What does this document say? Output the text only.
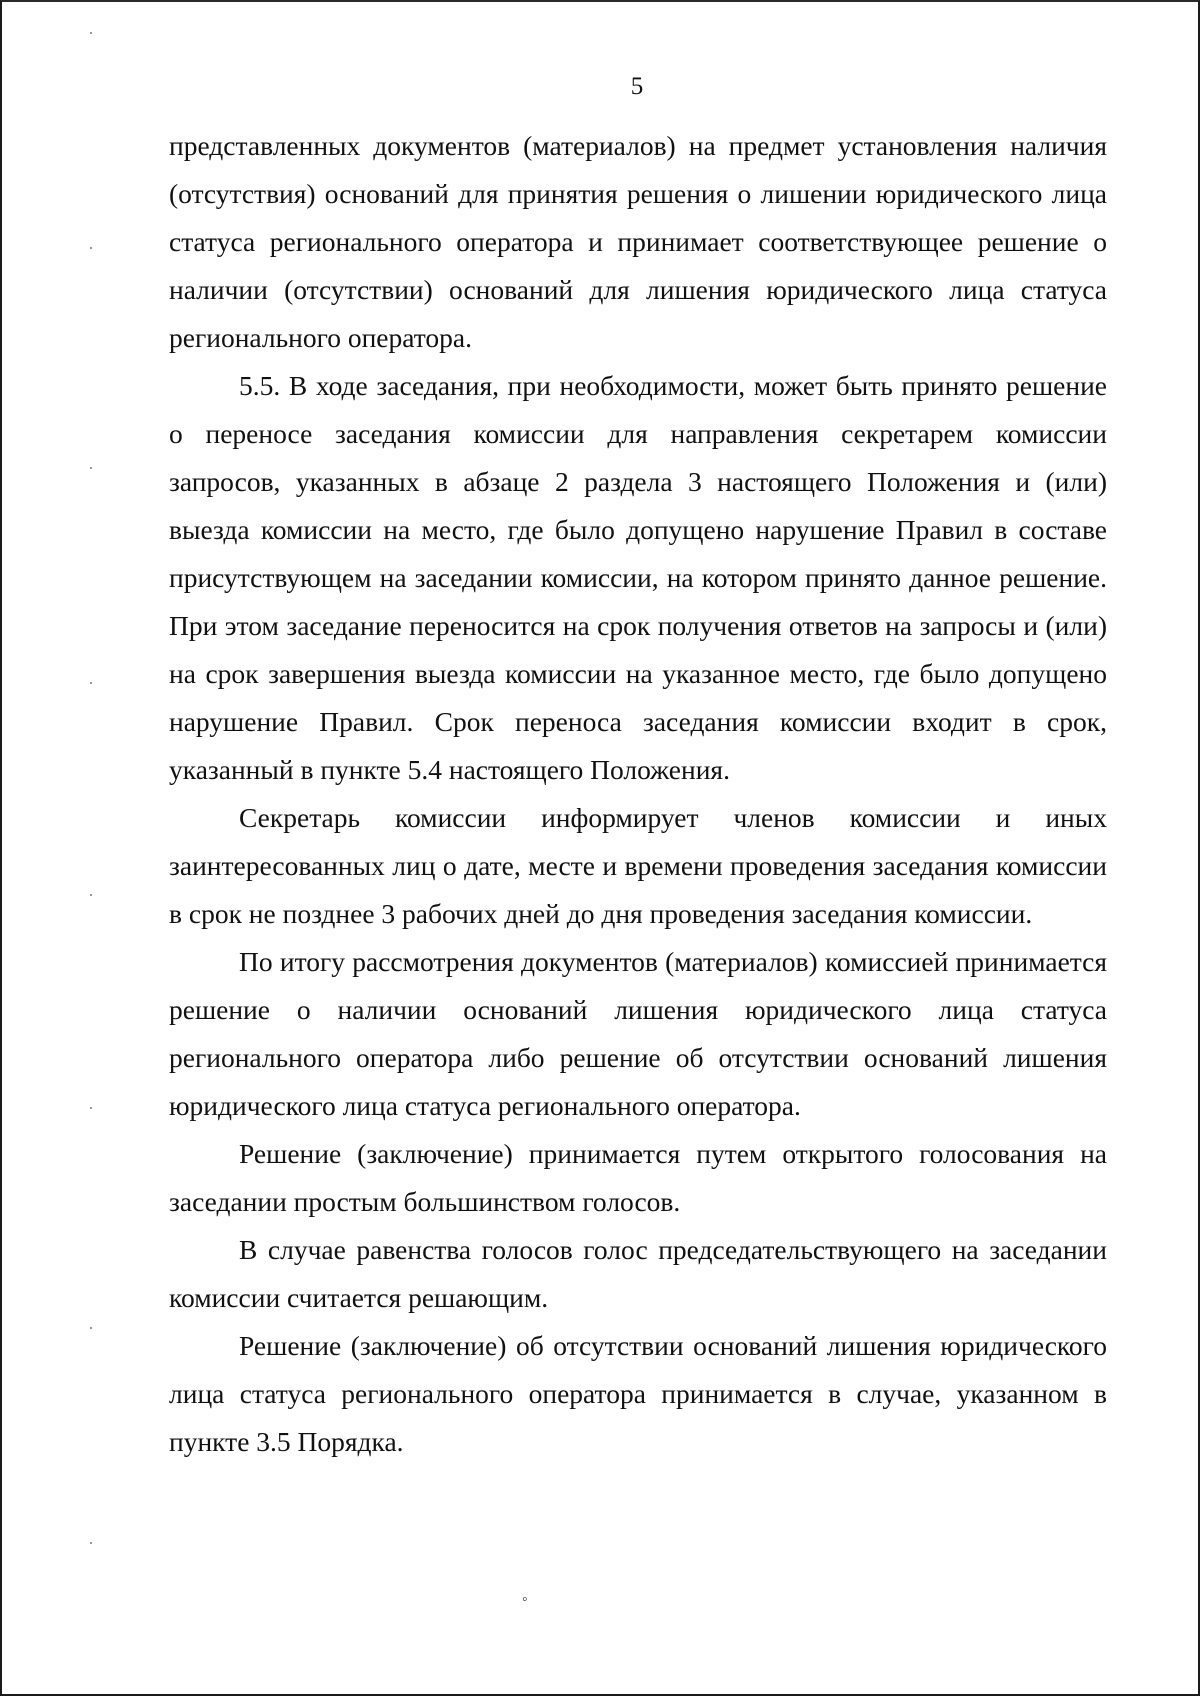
5

представленных документов (материалов) на предмет установления наличия (отсутствия) оснований для принятия решения о лишении юридического лица статуса регионального оператора и принимает соответствующее решение о наличии (отсутствии) оснований для лишения юридического лица статуса регионального оператора.

5.5. В ходе заседания, при необходимости, может быть принято решение о переносе заседания комиссии для направления секретарем комиссии запросов, указанных в абзаце 2 раздела 3 настоящего Положения и (или) выезда комиссии на место, где было допущено нарушение Правил в составе присутствующем на заседании комиссии, на котором принято данное решение. При этом заседание переносится на срок получения ответов на запросы и (или) на срок завершения выезда комиссии на указанное место, где было допущено нарушение Правил. Срок переноса заседания комиссии входит в срок, указанный в пункте 5.4 настоящего Положения.

Секретарь комиссии информирует членов комиссии и иных заинтересованных лиц о дате, месте и времени проведения заседания комиссии в срок не позднее 3 рабочих дней до дня проведения заседания комиссии.

По итогу рассмотрения документов (материалов) комиссией принимается решение о наличии оснований лишения юридического лица статуса регионального оператора либо решение об отсутствии оснований лишения юридического лица статуса регионального оператора.

Решение (заключение) принимается путем открытого голосования на заседании простым большинством голосов.

В случае равенства голосов голос председательствующего на заседании комиссии считается решающим.

Решение (заключение) об отсутствии оснований лишения юридического лица статуса регионального оператора принимается в случае, указанном в пункте 3.5 Порядка.

◦
